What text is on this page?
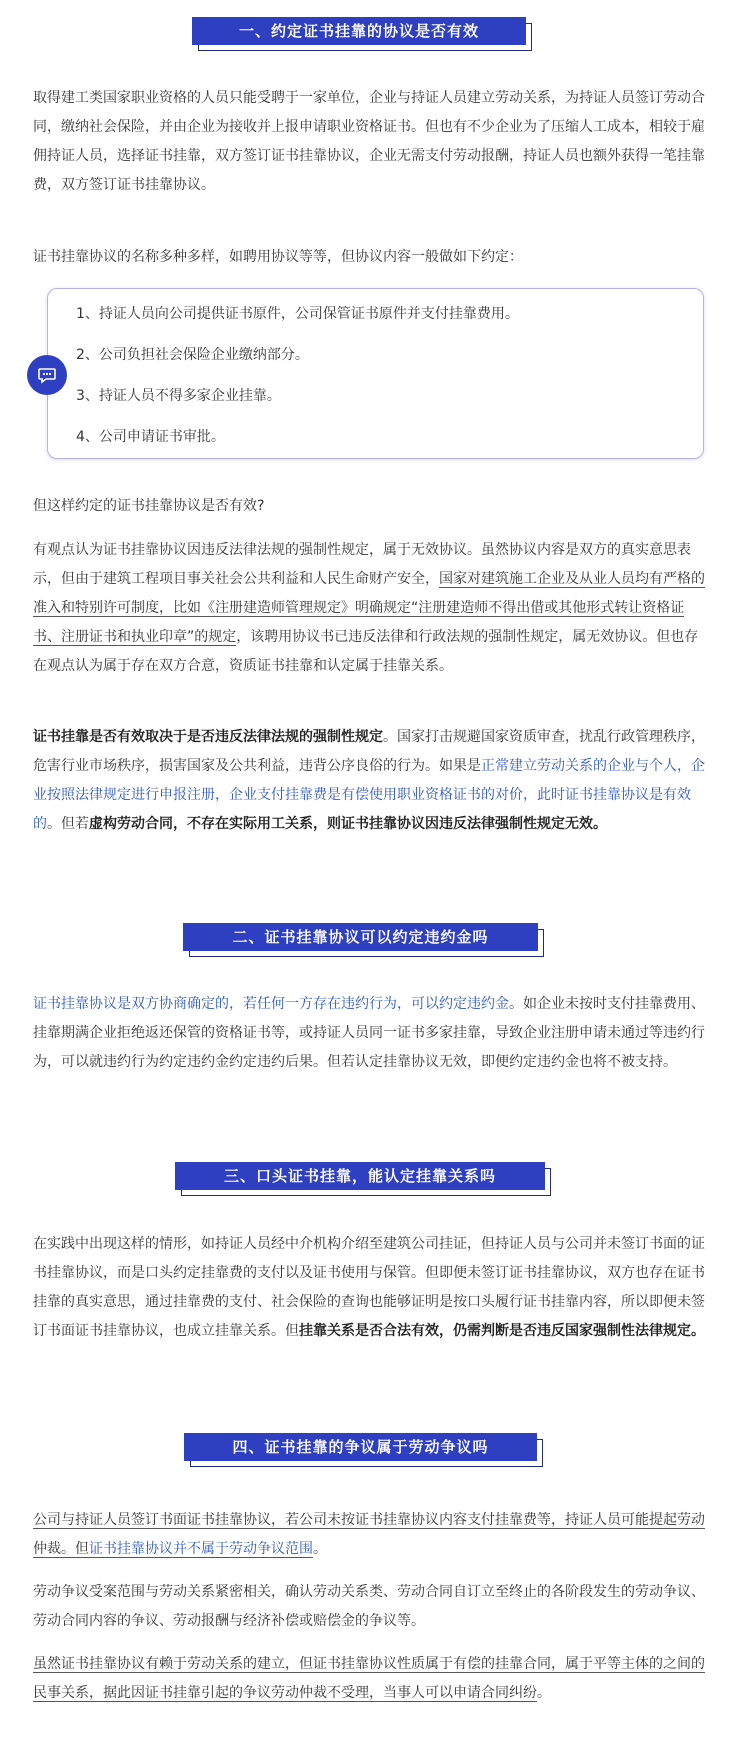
一、约定证书挂靠的协议是否有效

取得建工类国家职业资格的人员只能受聘于一家单位，企业与持证人员建立劳动关系，为持证人员签订劳动合同，缴纳社会保险，并由企业为接收并上报申请职业资格证书。但也有不少企业为了压缩人工成本，相较于雇佣持证人员，选择证书挂靠，双方签订证书挂靠协议，企业无需支付劳动报酬，持证人员也额外获得一笔挂靠费，双方签订证书挂靠协议。

证书挂靠协议的名称多种多样，如聘用协议等等，但协议内容一般做如下约定：

1、持证人员向公司提供证书原件，公司保管证书原件并支付挂靠费用。
2、公司负担社会保险企业缴纳部分。
3、持证人员不得多家企业挂靠。
4、公司申请证书审批。

但这样约定的证书挂靠协议是否有效?

有观点认为证书挂靠协议因违反法律法规的强制性规定，属于无效协议。虽然协议内容是双方的真实意思表示，但由于建筑工程项目事关社会公共利益和人民生命财产安全，国家对建筑施工企业及从业人员均有严格的准入和特别许可制度，比如《注册建造师管理规定》明确规定“注册建造师不得出借或其他形式转让资格证书、注册证书和执业印章”的规定，该聘用协议书已违反法律和行政法规的强制性规定，属无效协议。但也存在观点认为属于存在双方合意，资质证书挂靠和认定属于挂靠关系。

证书挂靠是否有效取决于是否违反法律法规的强制性规定。国家打击规避国家资质审查，扰乱行政管理秩序，危害行业市场秩序，损害国家及公共利益，违背公序良俗的行为。如果是正常建立劳动关系的企业与个人，企业按照法律规定进行申报注册，企业支付挂靠费是有偿使用职业资格证书的对价，此时证书挂靠协议是有效的。但若虚构劳动合同，不存在实际用工关系，则证书挂靠协议因违反法律强制性规定无效。

二、证书挂靠协议可以约定违约金吗

证书挂靠协议是双方协商确定的，若任何一方存在违约行为，可以约定违约金。如企业未按时支付挂靠费用、挂靠期满企业拒绝返还保管的资格证书等，或持证人员同一证书多家挂靠，导致企业注册申请未通过等违约行为，可以就违约行为约定违约金约定违约后果。但若认定挂靠协议无效，即便约定违约金也将不被支持。

三、口头证书挂靠，能认定挂靠关系吗

在实践中出现这样的情形，如持证人员经中介机构介绍至建筑公司挂证，但持证人员与公司并未签订书面的证书挂靠协议，而是口头约定挂靠费的支付以及证书使用与保管。但即便未签订证书挂靠协议，双方也存在证书挂靠的真实意思，通过挂靠费的支付、社会保险的查询也能够证明是按口头履行证书挂靠内容，所以即便未签订书面证书挂靠协议，也成立挂靠关系。但挂靠关系是否合法有效，仍需判断是否违反国家强制性法律规定。

四、证书挂靠的争议属于劳动争议吗

公司与持证人员签订书面证书挂靠协议，若公司未按证书挂靠协议内容支付挂靠费等，持证人员可能提起劳动仲裁。但证书挂靠协议并不属于劳动争议范围。

劳动争议受案范围与劳动关系紧密相关，确认劳动关系类、劳动合同自订立至终止的各阶段发生的劳动争议、劳动合同内容的争议、劳动报酬与经济补偿或赔偿金的争议等。

虽然证书挂靠协议有赖于劳动关系的建立，但证书挂靠协议性质属于有偿的挂靠合同，属于平等主体的之间的民事关系，据此因证书挂靠引起的争议劳动仲裁不受理，当事人可以申请合同纠纷。
